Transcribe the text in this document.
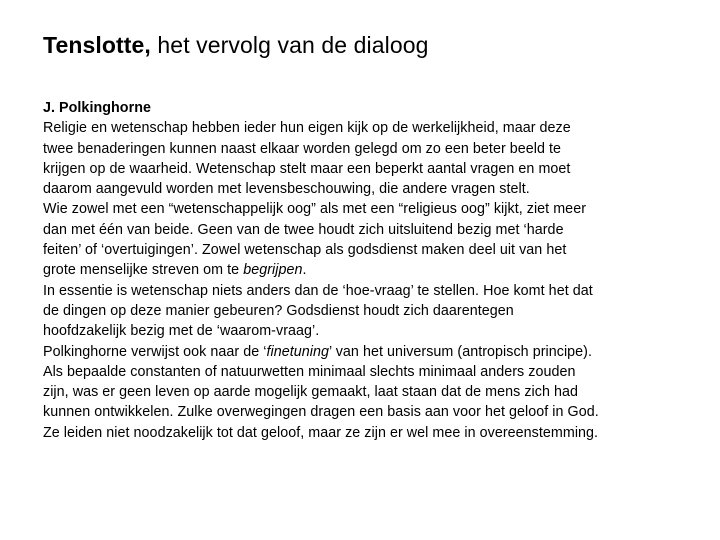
Tenslotte, het vervolg van de dialoog

J. Polkinghorne

Religie en wetenschap hebben ieder hun eigen kijk op de werkelijkheid, maar deze
twee benaderingen kunnen naast elkaar worden gelegd om zo een beter beeld te
krijgen op de waarheid. Wetenschap stelt maar een beperkt aantal vragen en moet
daarom aangevuld worden met levensbeschouwing, die andere vragen stelt.

Wie zowel met een “wetenschappelijk oog” als met een “religieus oog” kijkt, ziet meer
dan met één van beide. Geen van de twee houdt zich uitsluitend bezig met ‘harde
feiten’ of ‘overtuigingen’. Zowel wetenschap als godsdienst maken deel uit van het
grote menselijke streven om te begrijpen.

In essentie is wetenschap niets anders dan de ‘hoe-vraag’ te stellen. Hoe komt het dat
de dingen op deze manier gebeuren? Godsdienst houdt zich daarentegen
hoofdzakelijk bezig met de ‘waarom-vraag’.

Polkinghorne verwijst ook naar de ‘finetuning’ van het universum (antropisch principe).
Als bepaalde constanten of natuurwetten minimaal slechts minimaal anders zouden
zijn, was er geen leven op aarde mogelijk gemaakt, laat staan dat de mens zich had
kunnen ontwikkelen. Zulke overwegingen dragen een basis aan voor het geloof in God.
Ze leiden niet noodzakelijk tot dat geloof, maar ze zijn er wel mee in overeenstemming.
